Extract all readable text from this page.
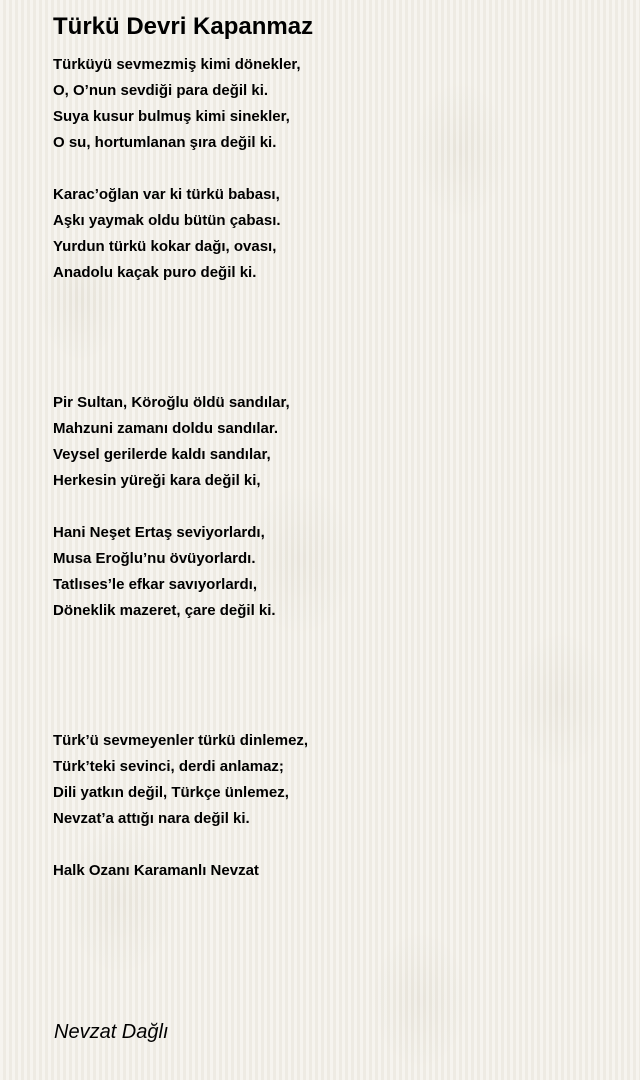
Türkü Devri Kapanmaz
Türküyü sevmezmiş kimi dönekler,
O, O’nun sevdiği para değil ki.
Suya kusur bulmuş kimi sinekler,
O su, hortumlanan şıra değil ki.
Karac’oğlan var ki türkü babası,
Aşkı yaymak oldu bütün çabası.
Yurdun türkü kokar dağı, ovası,
Anadolu kaçak puro değil ki.
Pir Sultan, Köroğlu öldü sandılar,
Mahzuni zamanı doldu sandılar.
Veysel gerilerde kaldı sandılar,
Herkesin yüreği kara değil ki,
Hani Neşet Ertaş seviyorlardı,
Musa Eroğlu’nu övüyorlardı.
Tatlıses’le efkar savıyorlardı,
Döneklik mazeret, çare değil ki.
Türk’ü sevmeyenler türkü dinlemez,
Türk’teki sevinci, derdi anlamaz;
Dili yatkın değil, Türkçe ünlemez,
Nevzat’a attığı nara değil ki.
Halk Ozanı Karamanlı Nevzat
Nevzat Dağlı
